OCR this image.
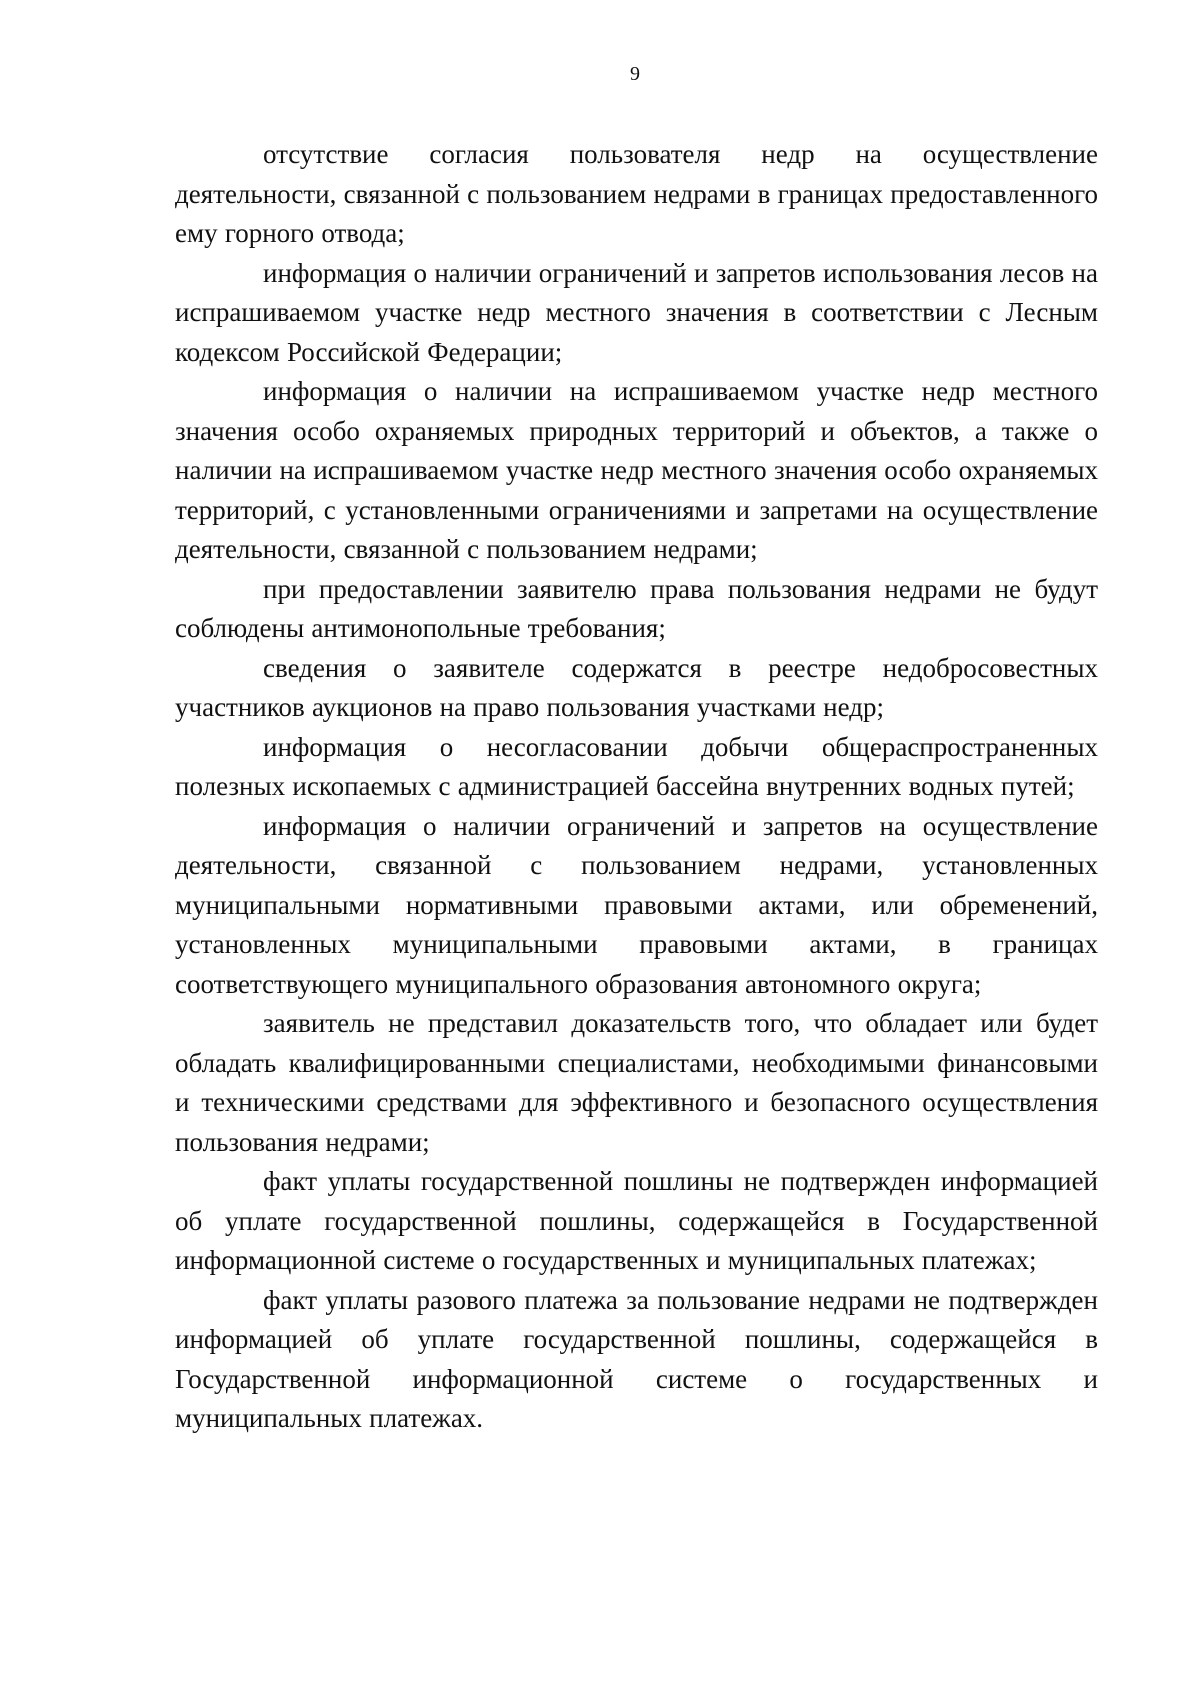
9

отсутствие согласия пользователя недр на осуществление деятельности, связанной с пользованием недрами в границах предоставленного ему горного отвода;

информация о наличии ограничений и запретов использования лесов на испрашиваемом участке недр местного значения в соответствии с Лесным кодексом Российской Федерации;

информация о наличии на испрашиваемом участке недр местного значения особо охраняемых природных территорий и объектов, а также о наличии на испрашиваемом участке недр местного значения особо охраняемых территорий, с установленными ограничениями и запретами на осуществление деятельности, связанной с пользованием недрами;

при предоставлении заявителю права пользования недрами не будут соблюдены антимонопольные требования;

сведения о заявителе содержатся в реестре недобросовестных участников аукционов на право пользования участками недр;

информация о несогласовании добычи общераспространенных полезных ископаемых с администрацией бассейна внутренних водных путей;

информация о наличии ограничений и запретов на осуществление деятельности, связанной с пользованием недрами, установленных муниципальными нормативными правовыми актами, или обременений, установленных муниципальными правовыми актами, в границах соответствующего муниципального образования автономного округа;

заявитель не представил доказательств того, что обладает или будет обладать квалифицированными специалистами, необходимыми финансовыми и техническими средствами для эффективного и безопасного осуществления пользования недрами;

факт уплаты государственной пошлины не подтвержден информацией об уплате государственной пошлины, содержащейся в Государственной информационной системе о государственных и муниципальных платежах;

факт уплаты разового платежа за пользование недрами не подтвержден информацией об уплате государственной пошлины, содержащейся в Государственной информационной системе о государственных и муниципальных платежах.
